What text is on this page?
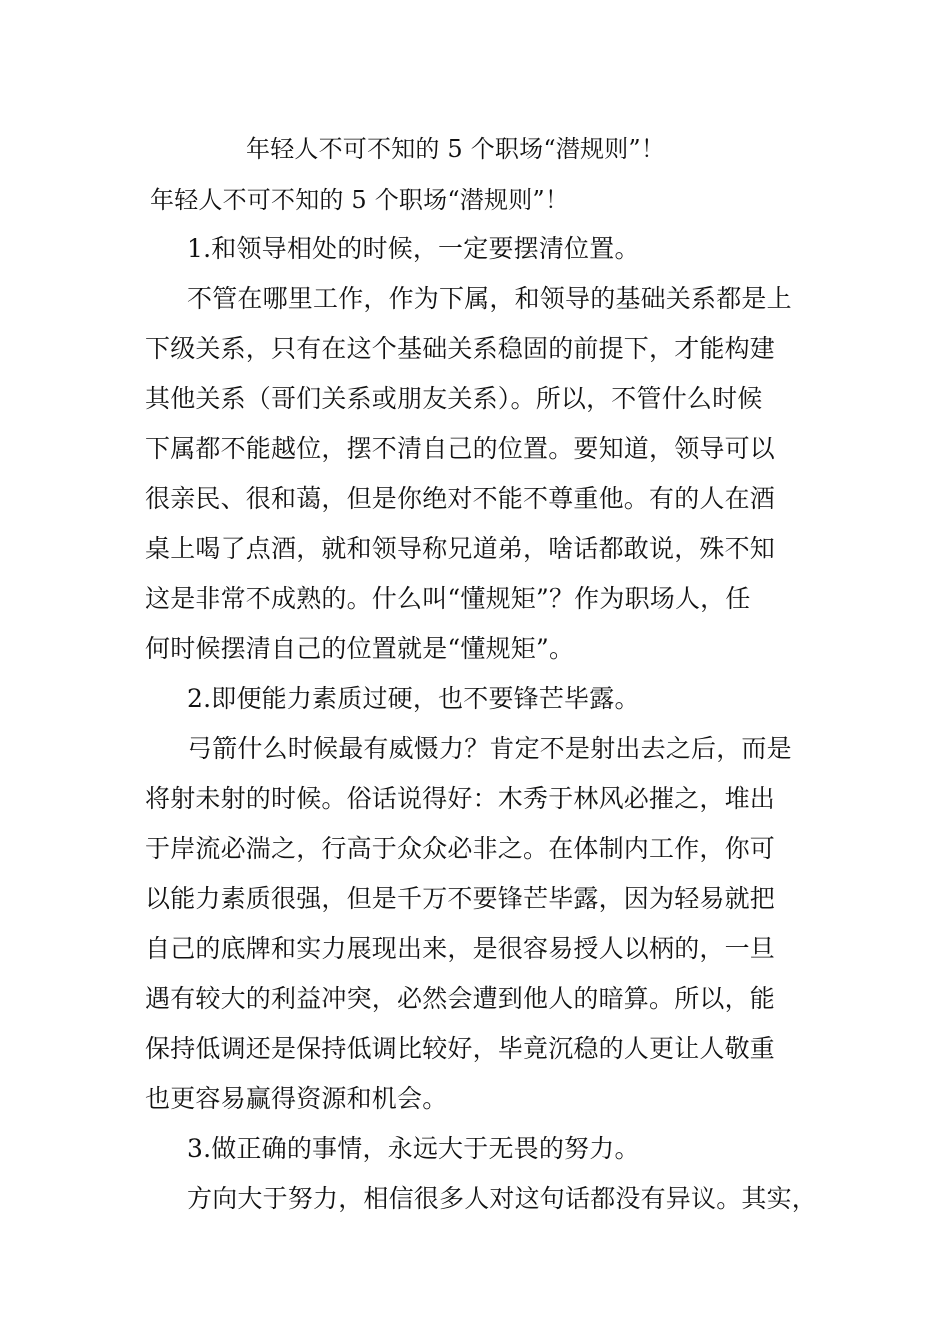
年轻人不可不知的 5 个职场“潜规则”！
年轻人不可不知的 5 个职场“潜规则”！
1.和领导相处的时候，一定要摆清位置。
不管在哪里工作，作为下属，和领导的基础关系都是上
下级关系，只有在这个基础关系稳固的前提下，才能构建
其他关系（哥们关系或朋友关系）。所以，不管什么时候
下属都不能越位，摆不清自己的位置。要知道，领导可以
很亲民、很和蔼，但是你绝对不能不尊重他。有的人在酒
桌上喝了点酒，就和领导称兄道弟，啥话都敢说，殊不知
这是非常不成熟的。什么叫“懂规矩”？作为职场人，任
何时候摆清自己的位置就是“懂规矩”。
2.即便能力素质过硬，也不要锋芒毕露。
弓箭什么时候最有威慑力？肯定不是射出去之后，而是
将射未射的时候。俗话说得好：木秀于林风必摧之，堆出
于岸流必湍之，行高于众众必非之。在体制内工作，你可
以能力素质很强，但是千万不要锋芒毕露，因为轻易就把
自己的底牌和实力展现出来，是很容易授人以柄的，一旦
遇有较大的利益冲突，必然会遭到他人的暗算。所以，能
保持低调还是保持低调比较好，毕竟沉稳的人更让人敬重
也更容易赢得资源和机会。
3.做正确的事情，永远大于无畏的努力。
方向大于努力，相信很多人对这句话都没有异议。其实，
